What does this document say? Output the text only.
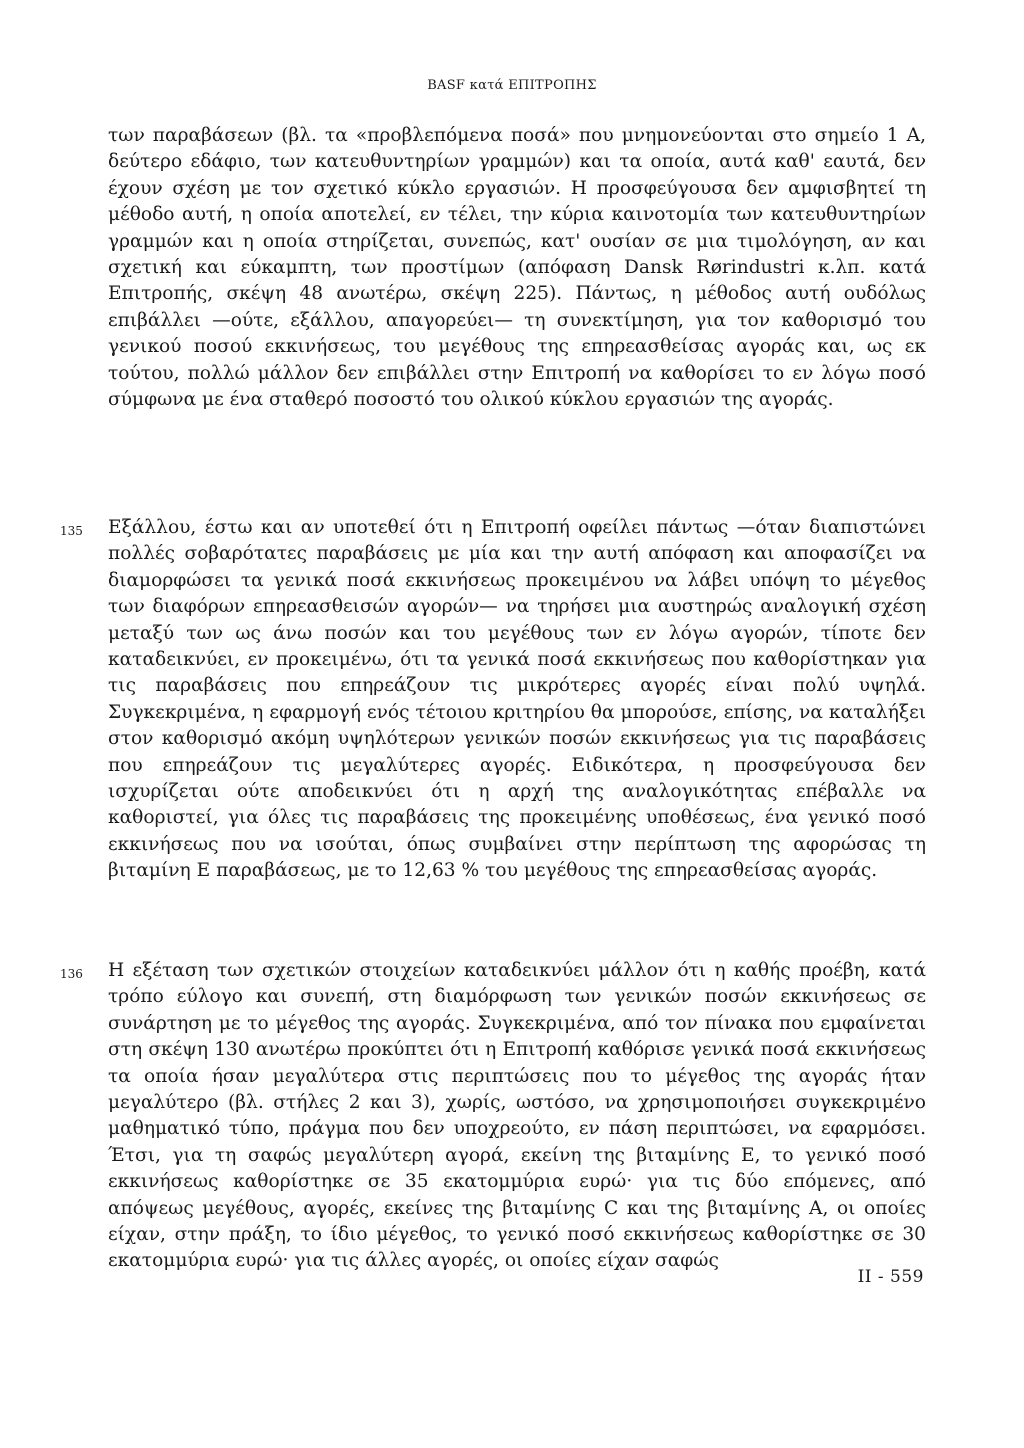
BASF κατά ΕΠΙΤΡΟΠΗΣ
των παραβάσεων (βλ. τα «προβλεπόμενα ποσά» που μνημονεύονται στο σημείο 1 A, δεύτερο εδάφιο, των κατευθυντηρίων γραμμών) και τα οποία, αυτά καθ' εαυτά, δεν έχουν σχέση με τον σχετικό κύκλο εργασιών. Η προσφεύγουσα δεν αμφισβητεί τη μέθοδο αυτή, η οποία αποτελεί, εν τέλει, την κύρια καινοτομία των κατευθυντηρίων γραμμών και η οποία στηρίζεται, συνεπώς, κατ' ουσίαν σε μια τιμολόγηση, αν και σχετική και εύκαμπτη, των προστίμων (απόφαση Dansk Rørindustri κ.λπ. κατά Επιτροπής, σκέψη 48 ανωτέρω, σκέψη 225). Πάντως, η μέθοδος αυτή ουδόλως επιβάλλει —ούτε, εξάλλου, απαγορεύει— τη συνεκτίμηση, για τον καθορισμό του γενικού ποσού εκκινήσεως, του μεγέθους της επηρεασθείσας αγοράς και, ως εκ τούτου, πολλώ μάλλον δεν επιβάλλει στην Επιτροπή να καθορίσει το εν λόγω ποσό σύμφωνα με ένα σταθερό ποσοστό του ολικού κύκλου εργασιών της αγοράς.
135 Εξάλλου, έστω και αν υποτεθεί ότι η Επιτροπή οφείλει πάντως —όταν διαπιστώνει πολλές σοβαρότατες παραβάσεις με μία και την αυτή απόφαση και αποφασίζει να διαμορφώσει τα γενικά ποσά εκκινήσεως προκειμένου να λάβει υπόψη το μέγεθος των διαφόρων επηρεασθεισών αγορών— να τηρήσει μια αυστηρώς αναλογική σχέση μεταξύ των ως άνω ποσών και του μεγέθους των εν λόγω αγορών, τίποτε δεν καταδεικνύει, εν προκειμένω, ότι τα γενικά ποσά εκκινήσεως που καθορίστηκαν για τις παραβάσεις που επηρεάζουν τις μικρότερες αγορές είναι πολύ υψηλά. Συγκεκριμένα, η εφαρμογή ενός τέτοιου κριτηρίου θα μπορούσε, επίσης, να καταλήξει στον καθορισμό ακόμη υψηλότερων γενικών ποσών εκκινήσεως για τις παραβάσεις που επηρεάζουν τις μεγαλύτερες αγορές. Ειδικότερα, η προσφεύγουσα δεν ισχυρίζεται ούτε αποδεικνύει ότι η αρχή της αναλογικότητας επέβαλλε να καθοριστεί, για όλες τις παραβάσεις της προκειμένης υποθέσεως, ένα γενικό ποσό εκκινήσεως που να ισούται, όπως συμβαίνει στην περίπτωση της αφορώσας τη βιταμίνη Ε παραβάσεως, με το 12,63 % του μεγέθους της επηρεασθείσας αγοράς.
136 Η εξέταση των σχετικών στοιχείων καταδεικνύει μάλλον ότι η καθής προέβη, κατά τρόπο εύλογο και συνεπή, στη διαμόρφωση των γενικών ποσών εκκινήσεως σε συνάρτηση με το μέγεθος της αγοράς. Συγκεκριμένα, από τον πίνακα που εμφαίνεται στη σκέψη 130 ανωτέρω προκύπτει ότι η Επιτροπή καθόρισε γενικά ποσά εκκινήσεως τα οποία ήσαν μεγαλύτερα στις περιπτώσεις που το μέγεθος της αγοράς ήταν μεγαλύτερο (βλ. στήλες 2 και 3), χωρίς, ωστόσο, να χρησιμοποιήσει συγκεκριμένο μαθηματικό τύπο, πράγμα που δεν υποχρεούτο, εν πάση περιπτώσει, να εφαρμόσει. Έτσι, για τη σαφώς μεγαλύτερη αγορά, εκείνη της βιταμίνης Ε, το γενικό ποσό εκκινήσεως καθορίστηκε σε 35 εκατομμύρια ευρώ· για τις δύο επόμενες, από απόψεως μεγέθους, αγορές, εκείνες της βιταμίνης C και της βιταμίνης A, οι οποίες είχαν, στην πράξη, το ίδιο μέγεθος, το γενικό ποσό εκκινήσεως καθορίστηκε σε 30 εκατομμύρια ευρώ· για τις άλλες αγορές, οι οποίες είχαν σαφώς
II - 559
